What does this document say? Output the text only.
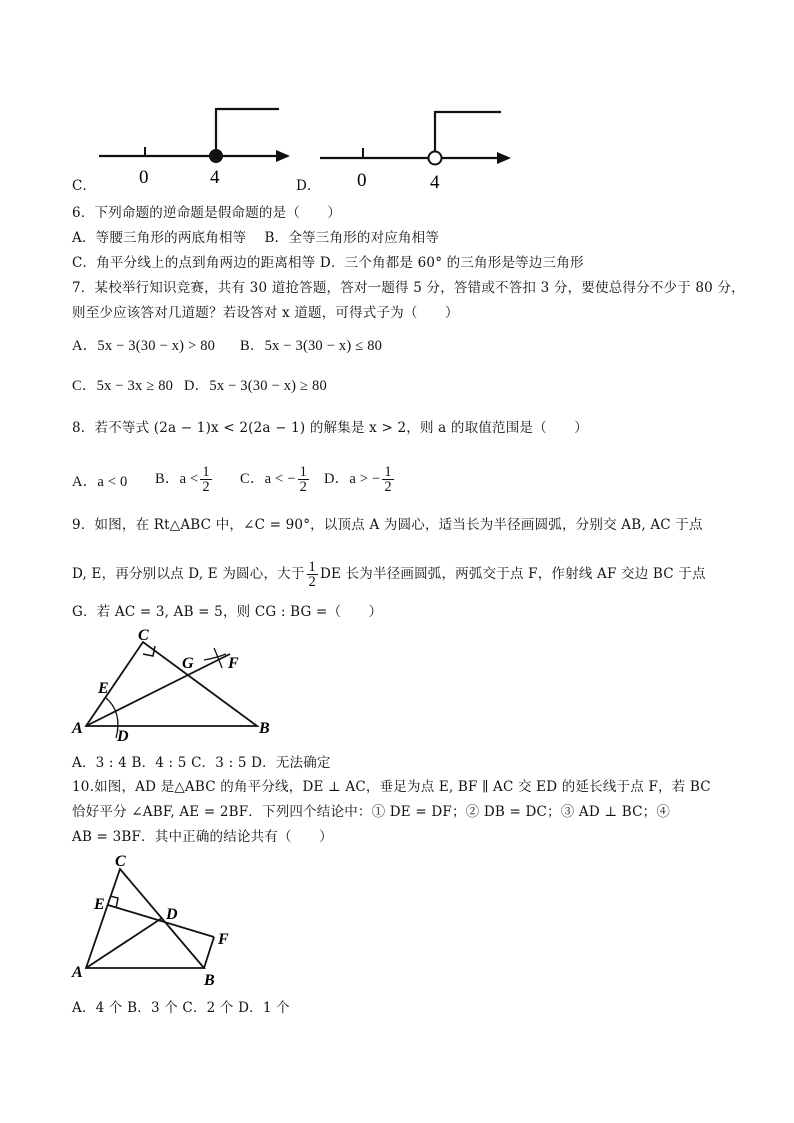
C． 0	4	D． 0	4
6．下列命题的逆命题是假命题的是（　　）
A．等腰三角形的两底角相等　 B．全等三角形的对应角相等
C．角平分线上的点到角两边的距离相等 D．三个角都是 60° 的三角形是等边三角形
7．某校举行知识竞赛，共有 30 道抢答题，答对一题得 5 分，答错或不答扣 3 分，要使总得分不少于 80 分，
则至少应该答对几道题？若设答对 x 道题，可得式子为（　　）
A．5x − 3(30 − x) > 80 B．5x − 3(30 − x) ≤ 80
C．5x − 3x ≥ 80 D．5x − 3(30 − x) ≥ 80
8．若不等式 (2a − 1)x < 2(2a − 1) 的解集是 x > 2，则 a 的取值范围是（　　）
A．a < 0 B．$a < \frac{1}{2}$ C．a < − $\frac{1}{2}$ D．a > − $\frac{1}{2}$
9．如图，在 Rt△ABC 中，∠C = 90°，以顶点 A 为圆心，适当长为半径画圆弧，分别交 AB, AC 于点
D, E，再分别以点 D, E 为圆心，大于 $\frac{1}{2}$ DE 长为半径画圆弧，两弧交于点 F，作射线 AF 交边 BC 于点
G．若 AC = 3, AB = 5，则 CG : BG =（　　）
C
G F
E
A D	B
A．3 : 4 B．4 : 5 C．3 : 5 D．无法确定
10.如图，AD 是△ABC 的角平分线，DE ⊥ AC，垂足为点 E, BF ∥ AC 交 ED 的延长线于点 F，若 BC
恰好平分 ∠ABF, AE = 2BF．下列四个结论中：① DE = DF；② DB = DC；③ AD ⊥ BC；④
AB = 3BF．其中正确的结论共有（　　）
C
E
D
F
A	B
A．4 个 B．3 个 C．2 个 D．1 个
